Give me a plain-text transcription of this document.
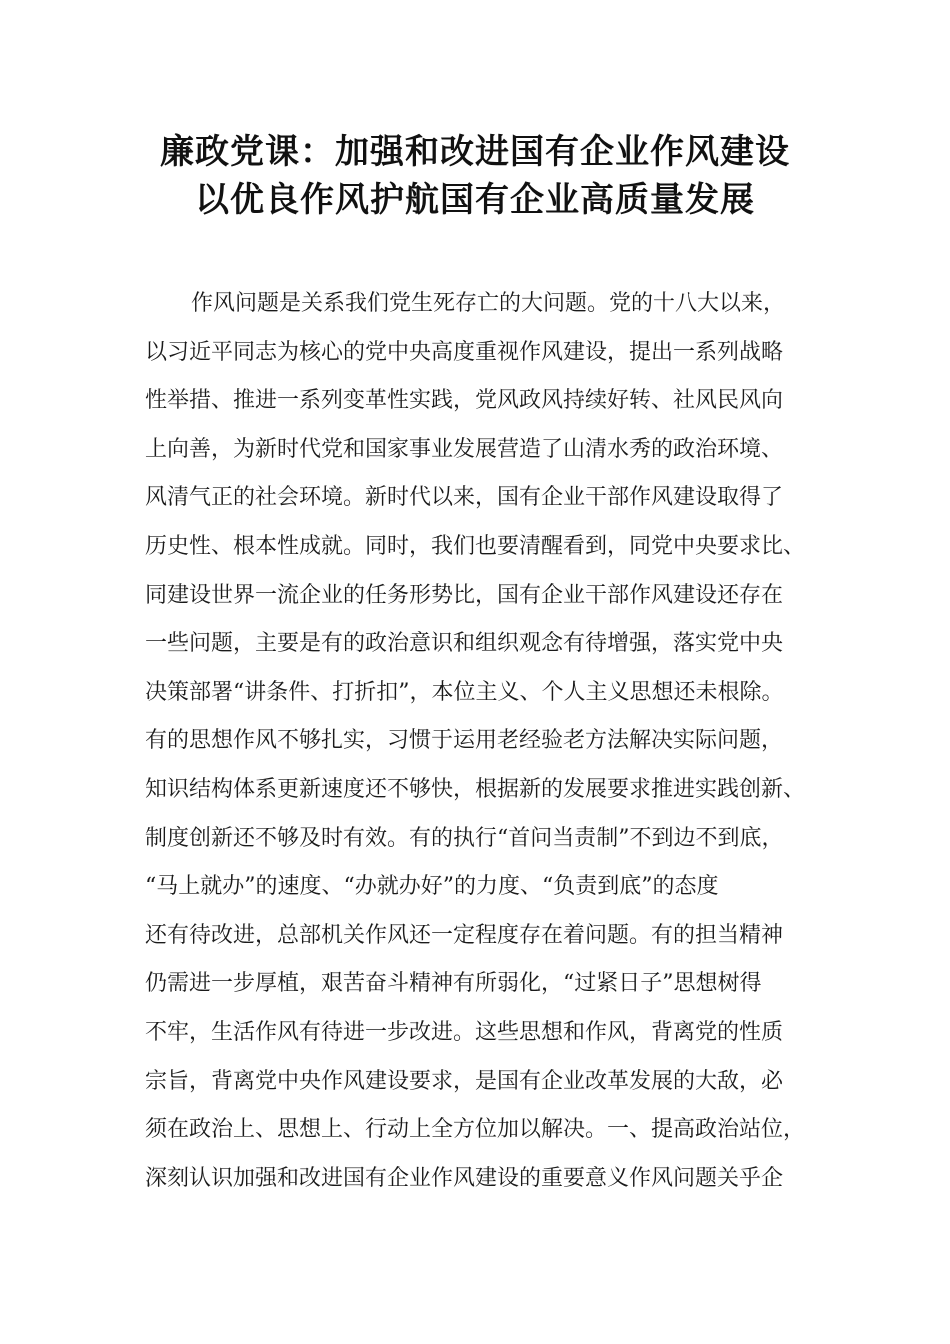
廉政党课：加强和改进国有企业作风建设
以优良作风护航国有企业高质量发展
作风问题是关系我们党生死存亡的大问题。党的十八大以来，
以习近平同志为核心的党中央高度重视作风建设，提出一系列战略
性举措、推进一系列变革性实践，党风政风持续好转、社风民风向
上向善，为新时代党和国家事业发展营造了山清水秀的政治环境、
风清气正的社会环境。新时代以来，国有企业干部作风建设取得了
历史性、根本性成就。同时，我们也要清醒看到，同党中央要求比、
同建设世界一流企业的任务形势比，国有企业干部作风建设还存在
一些问题，主要是有的政治意识和组织观念有待增强，落实党中央
决策部署“讲条件、打折扣”，本位主义、个人主义思想还未根除。
有的思想作风不够扎实，习惯于运用老经验老方法解决实际问题，
知识结构体系更新速度还不够快，根据新的发展要求推进实践创新、
制度创新还不够及时有效。有的执行“首问当责制”不到边不到底，
“马上就办”的速度、“办就办好”的力度、“负责到底”的态度
还有待改进，总部机关作风还一定程度存在着问题。有的担当精神
仍需进一步厚植，艰苦奋斗精神有所弱化，“过紧日子”思想树得
不牢，生活作风有待进一步改进。这些思想和作风，背离党的性质
宗旨，背离党中央作风建设要求，是国有企业改革发展的大敌，必
须在政治上、思想上、行动上全方位加以解决。一、提高政治站位，
深刻认识加强和改进国有企业作风建设的重要意义作风问题关乎企
